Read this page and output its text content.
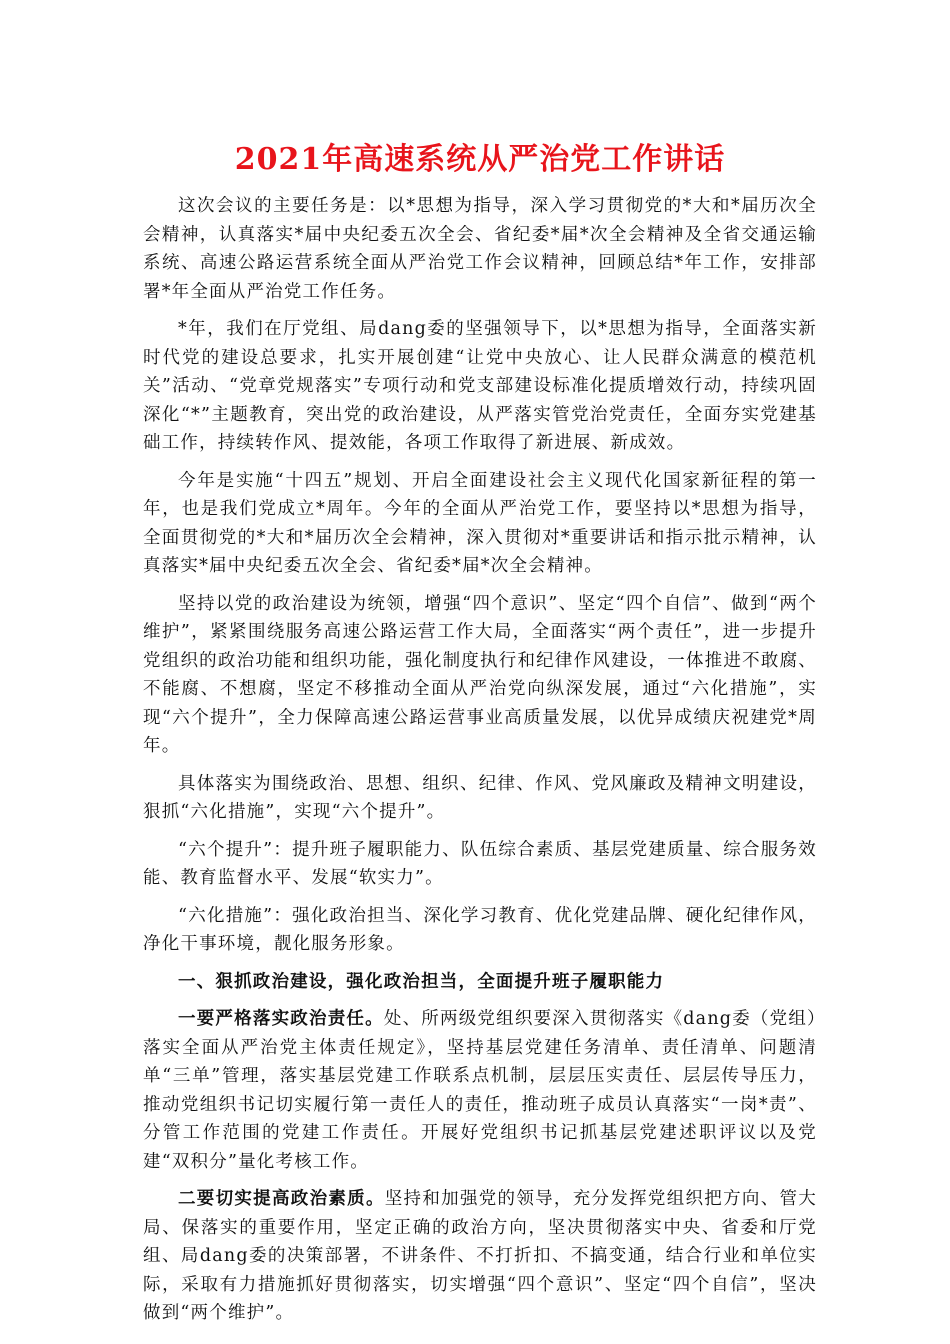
2021年高速系统从严治党工作讲话

这次会议的主要任务是：以*思想为指导，深入学习贯彻党的*大和*届历次全会精神，认真落实*届中央纪委五次全会、省纪委*届*次全会精神及全省交通运输系统、高速公路运营系统全面从严治党工作会议精神，回顾总结*年工作，安排部署*年全面从严治党工作任务。

*年，我们在厅党组、局dang委的坚强领导下，以*思想为指导，全面落实新时代党的建设总要求，扎实开展创建“让党中央放心、让人民群众满意的模范机关”活动、“党章党规落实”专项行动和党支部建设标准化提质增效行动，持续巩固深化“*”主题教育，突出党的政治建设，从严落实管党治党责任，全面夯实党建基础工作，持续转作风、提效能，各项工作取得了新进展、新成效。

今年是实施“十四五”规划、开启全面建设社会主义现代化国家新征程的第一年，也是我们党成立*周年。今年的全面从严治党工作，要坚持以*思想为指导，全面贯彻党的*大和*届历次全会精神，深入贯彻对*重要讲话和指示批示精神，认真落实*届中央纪委五次全会、省纪委*届*次全会精神。

坚持以党的政治建设为统领，增强“四个意识”、坚定“四个自信”、做到“两个维护”，紧紧围绕服务高速公路运营工作大局，全面落实“两个责任”，进一步提升党组织的政治功能和组织功能，强化制度执行和纪律作风建设，一体推进不敢腐、不能腐、不想腐，坚定不移推动全面从严治党向纵深发展，通过“六化措施”，实现“六个提升”，全力保障高速公路运营事业高质量发展，以优异成绩庆祝建党*周年。

具体落实为围绕政治、思想、组织、纪律、作风、党风廉政及精神文明建设，狠抓“六化措施”，实现“六个提升”。

“六个提升”：提升班子履职能力、队伍综合素质、基层党建质量、综合服务效能、教育监督水平、发展“软实力”。

“六化措施”：强化政治担当、深化学习教育、优化党建品牌、硬化纪律作风，净化干事环境，靓化服务形象。

一、狠抓政治建设，强化政治担当，全面提升班子履职能力

一要严格落实政治责任。处、所两级党组织要深入贯彻落实《dang委（党组）落实全面从严治党主体责任规定》，坚持基层党建任务清单、责任清单、问题清单“三单”管理，落实基层党建工作联系点机制，层层压实责任、层层传导压力，推动党组织书记切实履行第一责任人的责任，推动班子成员认真落实“一岗*责”、分管工作范围的党建工作责任。开展好党组织书记抓基层党建述职评议以及党建“双积分”量化考核工作。

二要切实提高政治素质。坚持和加强党的领导，充分发挥党组织把方向、管大局、保落实的重要作用，坚定正确的政治方向，坚决贯彻落实中央、省委和厅党组、局dang委的决策部署，不讲条件、不打折扣、不搞变通，结合行业和单位实际，采取有力措施抓好贯彻落实，切实增强“四个意识”、坚定“四个自信”，坚决做到“两个维护”。
